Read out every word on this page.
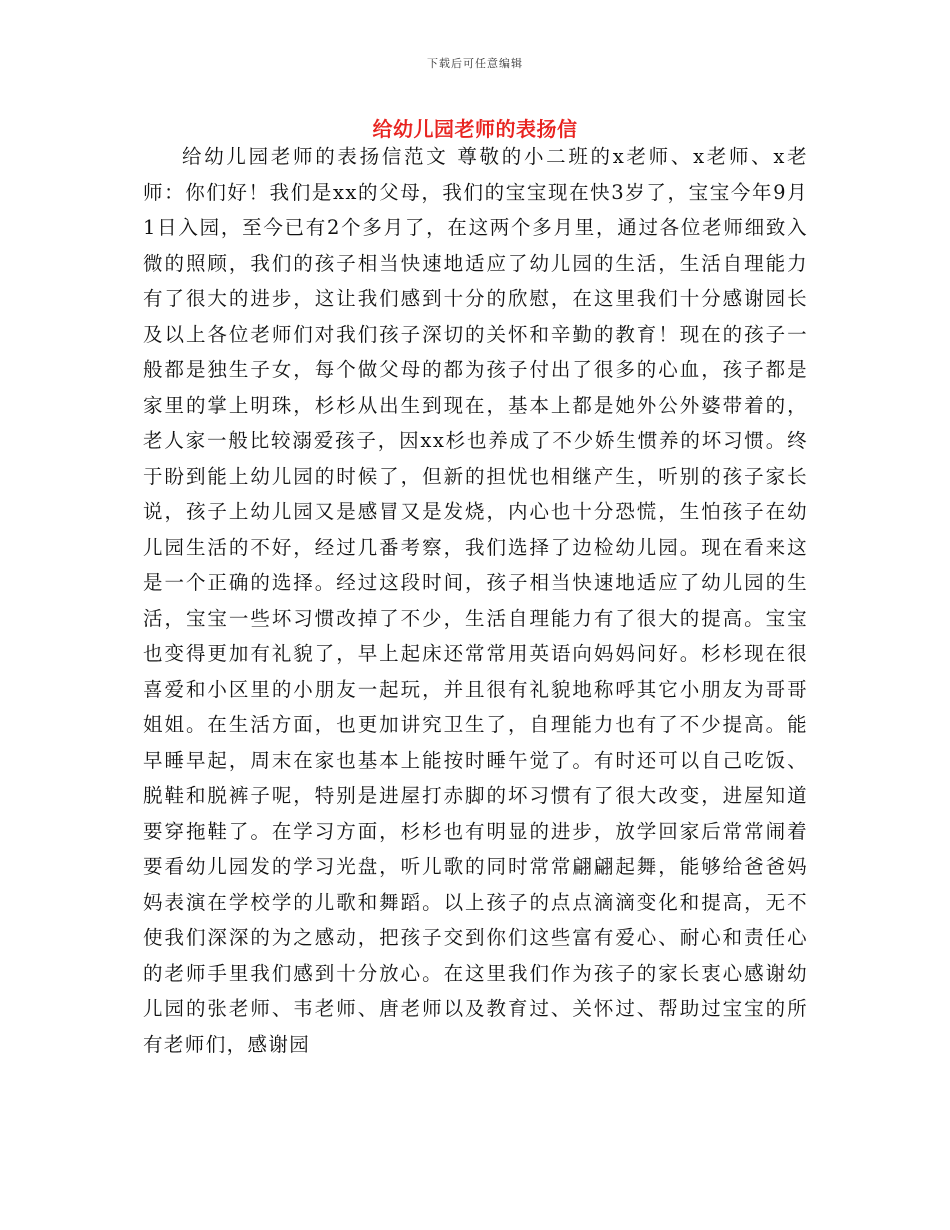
下载后可任意编辑
给幼儿园老师的表扬信

给幼儿园老师的表扬信范文 尊敬的小二班的x老师、x老师、x老师：你们好！我们是xx的父母，我们的宝宝现在快3岁了，宝宝今年9月1日入园，至今已有2个多月了，在这两个多月里，通过各位老师细致入微的照顾，我们的孩子相当快速地适应了幼儿园的生活，生活自理能力有了很大的进步，这让我们感到十分的欣慰，在这里我们十分感谢园长及以上各位老师们对我们孩子深切的关怀和辛勤的教育！现在的孩子一般都是独生子女，每个做父母的都为孩子付出了很多的心血，孩子都是家里的掌上明珠，杉杉从出生到现在，基本上都是她外公外婆带着的，老人家一般比较溺爱孩子，因xx杉也养成了不少娇生惯养的坏习惯。终于盼到能上幼儿园的时候了，但新的担忧也相继产生，听别的孩子家长说，孩子上幼儿园又是感冒又是发烧，内心也十分恐慌，生怕孩子在幼儿园生活的不好，经过几番考察，我们选择了边检幼儿园。现在看来这是一个正确的选择。经过这段时间，孩子相当快速地适应了幼儿园的生活，宝宝一些坏习惯改掉了不少，生活自理能力有了很大的提高。宝宝也变得更加有礼貌了，早上起床还常常用英语向妈妈问好。杉杉现在很喜爱和小区里的小朋友一起玩，并且很有礼貌地称呼其它小朋友为哥哥姐姐。在生活方面，也更加讲究卫生了，自理能力也有了不少提高。能早睡早起，周末在家也基本上能按时睡午觉了。有时还可以自己吃饭、脱鞋和脱裤子呢，特别是进屋打赤脚的坏习惯有了很大改变，进屋知道要穿拖鞋了。在学习方面，杉杉也有明显的进步，放学回家后常常闹着要看幼儿园发的学习光盘，听儿歌的同时常常翩翩起舞，能够给爸爸妈妈表演在学校学的儿歌和舞蹈。以上孩子的点点滴滴变化和提高，无不使我们深深的为之感动，把孩子交到你们这些富有爱心、耐心和责任心的老师手里我们感到十分放心。在这里我们作为孩子的家长衷心感谢幼儿园的张老师、韦老师、唐老师以及教育过、关怀过、帮助过宝宝的所有老师们，感谢园
